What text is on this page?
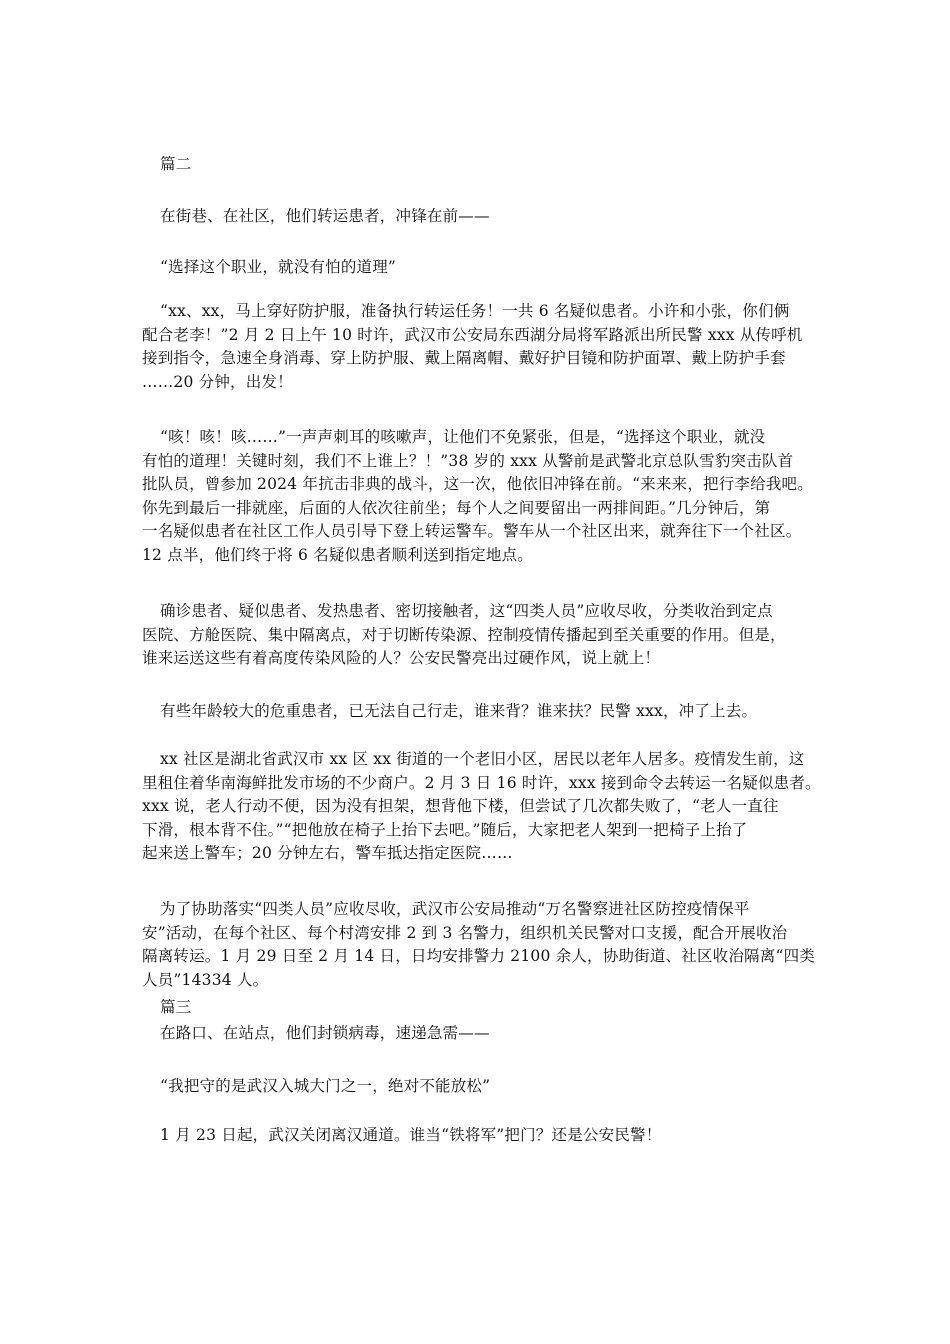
篇二
在街巷、在社区，他们转运患者，冲锋在前——
“选择这个职业，就没有怕的道理”
“xx、xx，马上穿好防护服，准备执行转运任务！一共 6 名疑似患者。小许和小张，你们俩
配合老李！”2 月 2 日上午 10 时许，武汉市公安局东西湖分局将军路派出所民警 xxx 从传呼机
接到指令，急速全身消毒、穿上防护服、戴上隔离帽、戴好护目镜和防护面罩、戴上防护手套
……20 分钟，出发！
“咳！咳！咳……”一声声刺耳的咳嗽声，让他们不免紧张，但是，“选择这个职业，就没
有怕的道理！关键时刻，我们不上谁上？！”38 岁的 xxx 从警前是武警北京总队雪豹突击队首
批队员，曾参加 2024 年抗击非典的战斗，这一次，他依旧冲锋在前。“来来来，把行李给我吧。
你先到最后一排就座，后面的人依次往前坐；每个人之间要留出一两排间距。”几分钟后，第
一名疑似患者在社区工作人员引导下登上转运警车。警车从一个社区出来，就奔往下一个社区。
12 点半，他们终于将 6 名疑似患者顺利送到指定地点。
确诊患者、疑似患者、发热患者、密切接触者，这“四类人员”应收尽收，分类收治到定点
医院、方舱医院、集中隔离点，对于切断传染源、控制疫情传播起到至关重要的作用。但是，
谁来运送这些有着高度传染风险的人？公安民警亮出过硬作风，说上就上！
有些年龄较大的危重患者，已无法自己行走，谁来背？谁来扶？民警 xxx，冲了上去。
xx 社区是湖北省武汉市 xx 区 xx 街道的一个老旧小区，居民以老年人居多。疫情发生前，这
里租住着华南海鲜批发市场的不少商户。2 月 3 日 16 时许，xxx 接到命令去转运一名疑似患者。
xxx 说，老人行动不便，因为没有担架，想背他下楼，但尝试了几次都失败了，“老人一直往
下滑，根本背不住。”“把他放在椅子上抬下去吧。”随后，大家把老人架到一把椅子上抬了
起来送上警车；20 分钟左右，警车抵达指定医院……
为了协助落实“四类人员”应收尽收，武汉市公安局推动“万名警察进社区防控疫情保平
安”活动，在每个社区、每个村湾安排 2 到 3 名警力，组织机关民警对口支援，配合开展收治
隔离转运。1 月 29 日至 2 月 14 日，日均安排警力 2100 余人，协助街道、社区收治隔离“四类
人员”14334 人。
篇三
在路口、在站点，他们封锁病毒，速递急需——
“我把守的是武汉入城大门之一，绝对不能放松”
1 月 23 日起，武汉关闭离汉通道。谁当“铁将军”把门？还是公安民警！
